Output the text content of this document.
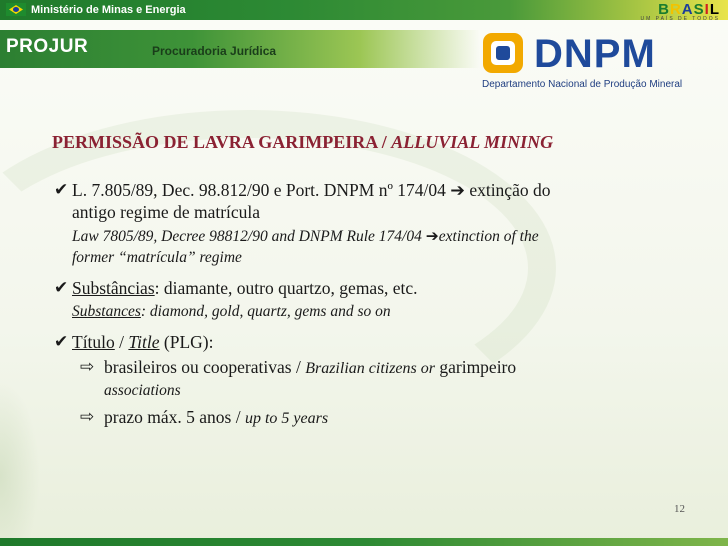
Ministério de Minas e Energia	BRASIL
UM PAÍS DE TODOS
PROJUR	Procuradoria Jurídica	DNPM
Departamento Nacional de Produção Mineral
PERMISSÃO DE LAVRA GARIMPEIRA / ALLUVIAL MINING
✔ L. 7.805/89, Dec. 98.812/90 e Port. DNPM nº 174/04 ➔ extinção do
antigo regime de matrícula
Law 7805/89, Decree 98812/90 and DNPM Rule 174/04 ➔extinction of the
former “matrícula” regime
✔ Substâncias: diamante, outro quartzo, gemas, etc.
Substances: diamond, gold, quartz, gems and so on
✔ Título / Title (PLG):
⇨ brasileiros ou cooperativas / Brazilian citizens or garimpeiro
associations
⇨ prazo máx. 5 anos / up to 5 years
12
